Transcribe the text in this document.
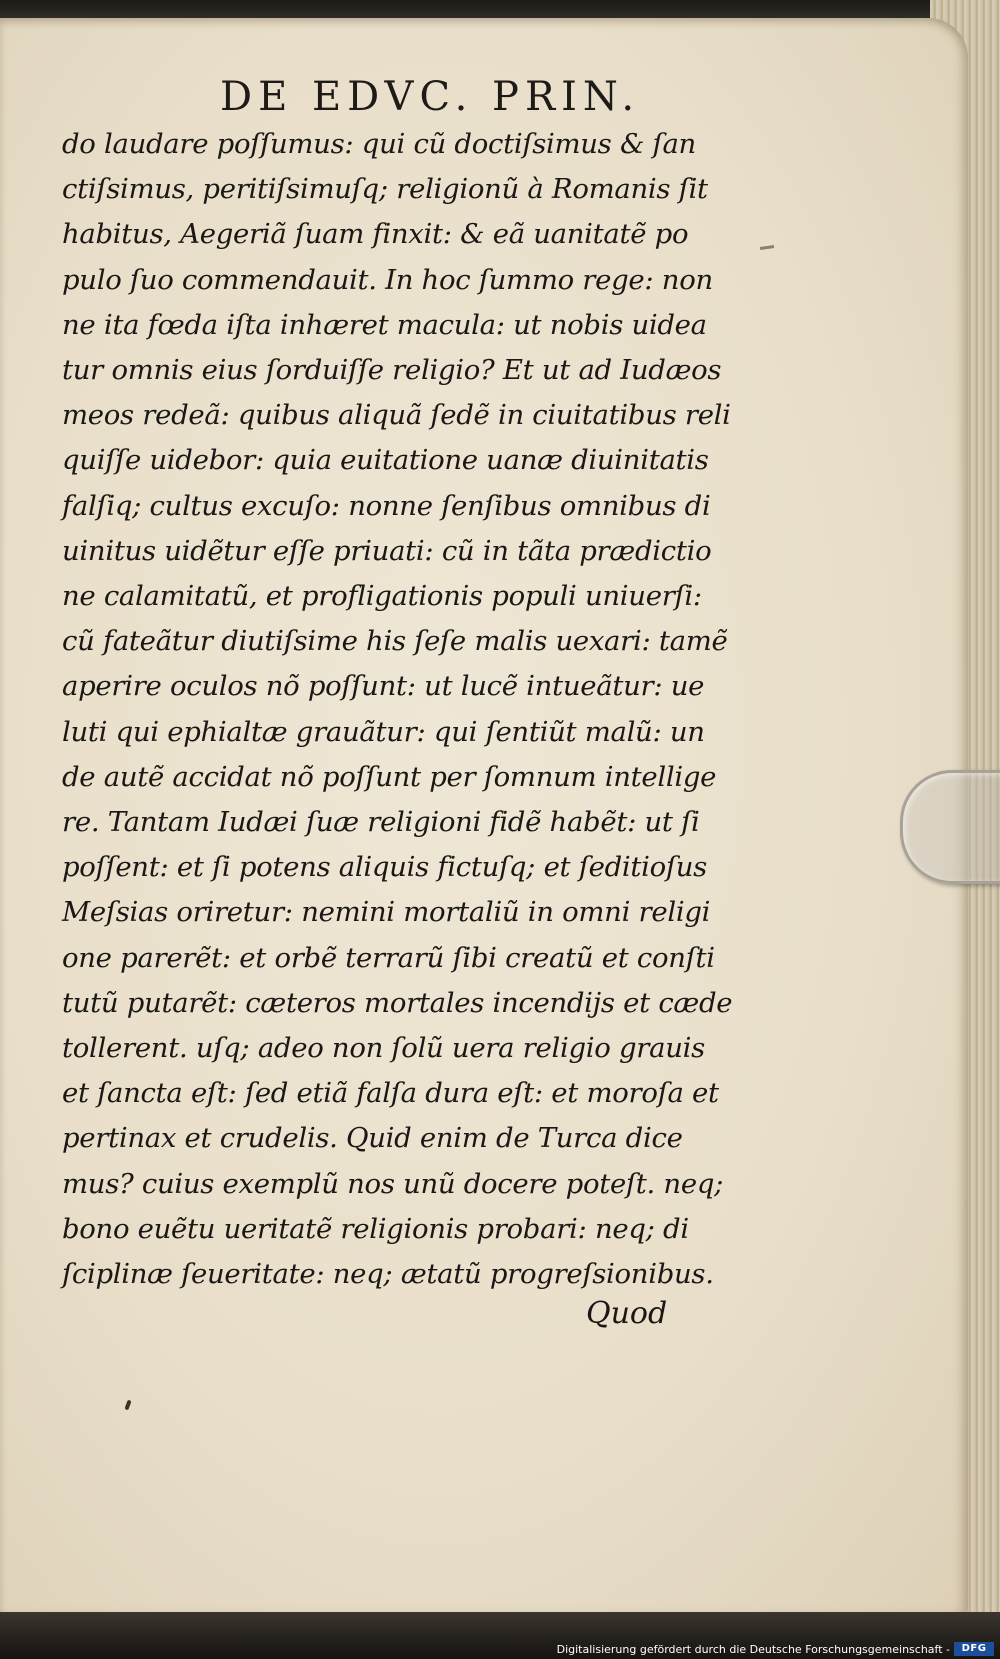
DE EDVC. PRIN.
do laudare poſſumus: qui cũ doctiſsimus & ſan
ctiſsimus, peritiſsimuſq; religionũ à Romanis ſit
habitus, Aegeriã ſuam finxit: & eã uanitatẽ po
pulo ſuo commendauit. In hoc ſummo rege: non
ne ita fœda iſta inhæret macula: ut nobis uidea
tur omnis eius ſorduiſſe religio? Et ut ad Iudæos
meos redeã: quibus aliquã ſedẽ in ciuitatibus reli
quiſſe uidebor: quia euitatione uanæ diuinitatis
falſiq; cultus excuſo: nonne ſenſibus omnibus di
uinitus uidẽtur eſſe priuati: cũ in tãta prædictio
ne calamitatũ, et profligationis populi uniuerſi:
cũ fateãtur diutiſsime his ſeſe malis uexari: tamẽ
aperire oculos nõ poſſunt: ut lucẽ intueãtur: ue
luti qui ephialtæ grauãtur: qui ſentiũt malũ: un
de autẽ accidat nõ poſſunt per ſomnum intellige
re. Tantam Iudæi ſuæ religioni fidẽ habẽt: ut ſi
poſſent: et ſi potens aliquis fictuſq; et ſeditioſus
Meſsias oriretur: nemini mortaliũ in omni religi
one parerẽt: et orbẽ terrarũ ſibi creatũ et conſti
tutũ putarẽt: cæteros mortales incendijs et cæde
tollerent. uſq; adeo non ſolũ uera religio grauis
et ſancta eſt: ſed etiã falſa dura eſt: et moroſa et
pertinax et crudelis. Quid enim de Turca dice
mus? cuius exemplũ nos unũ docere poteſt. neq;
bono euẽtu ueritatẽ religionis probari: neq; di
ſciplinæ ſeueritate: neq; ætatũ progreſsionibus.
Quod
Digitalisierung gefördert durch die Deutsche Forschungsgemeinschaft -	DFG
